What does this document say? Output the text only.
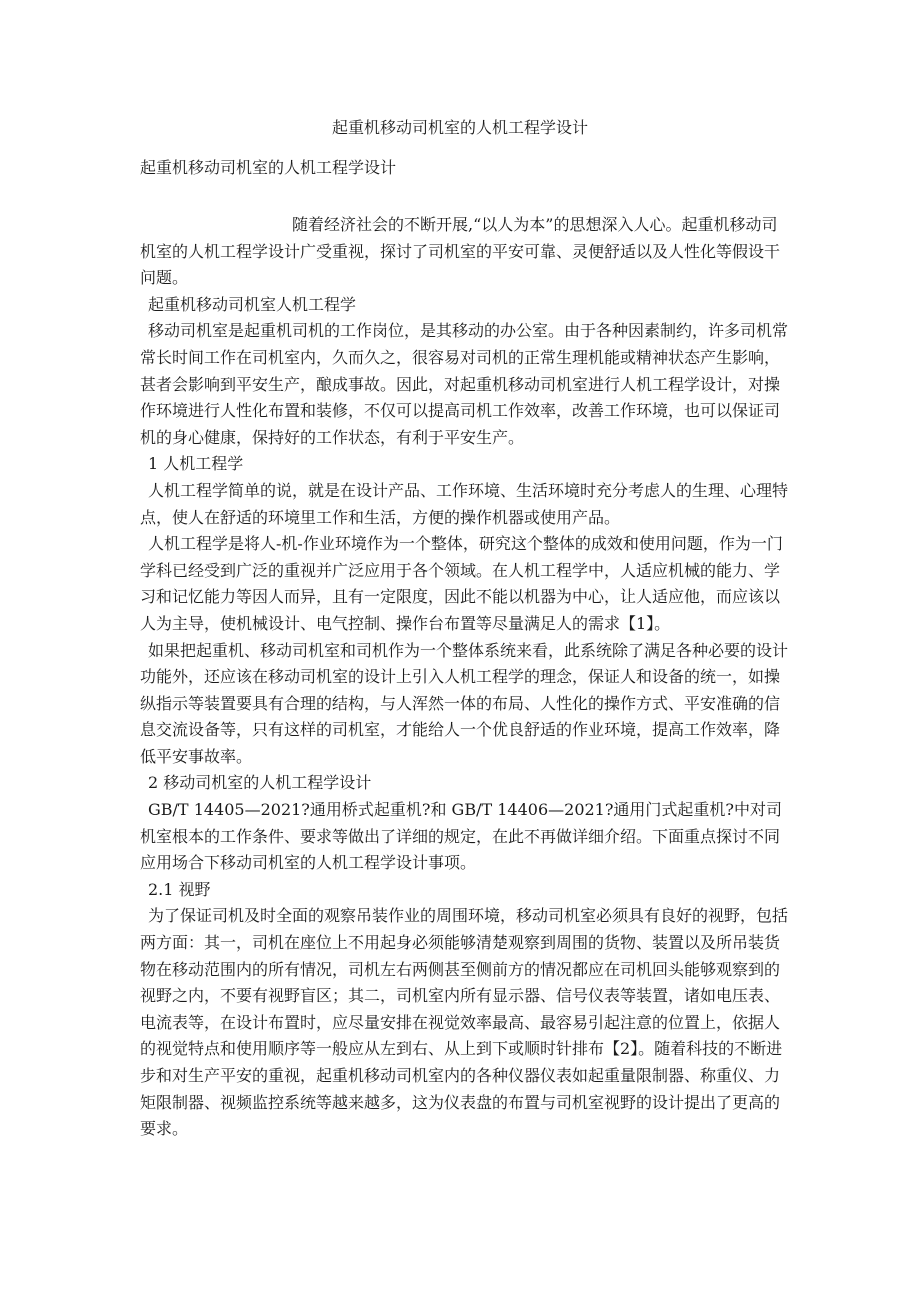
起重机移动司机室的人机工程学设计
起重机移动司机室的人机工程学设计

随着经济社会的不断开展,“以人为本”的思想深入人心。起重机移动司机室的人机工程学设计广受重视，探讨了司机室的平安可靠、灵便舒适以及人性化等假设干问题。

起重机移动司机室人机工程学

移动司机室是起重机司机的工作岗位，是其移动的办公室。由于各种因素制约，许多司机常常长时间工作在司机室内，久而久之，很容易对司机的正常生理机能或精神状态产生影响，甚者会影响到平安生产，酿成事故。因此，对起重机移动司机室进行人机工程学设计，对操作环境进行人性化布置和装修，不仅可以提高司机工作效率，改善工作环境，也可以保证司机的身心健康，保持好的工作状态，有利于平安生产。

1 人机工程学

人机工程学简单的说，就是在设计产品、工作环境、生活环境时充分考虑人的生理、心理特点，使人在舒适的环境里工作和生活，方便的操作机器或使用产品。

人机工程学是将人-机-作业环境作为一个整体，研究这个整体的成效和使用问题，作为一门学科已经受到广泛的重视并广泛应用于各个领域。在人机工程学中，人适应机械的能力、学习和记忆能力等因人而异，且有一定限度，因此不能以机器为中心，让人适应他，而应该以人为主导，使机械设计、电气控制、操作台布置等尽量满足人的需求【1】。

如果把起重机、移动司机室和司机作为一个整体系统来看，此系统除了满足各种必要的设计功能外，还应该在移动司机室的设计上引入人机工程学的理念，保证人和设备的统一，如操纵指示等装置要具有合理的结构，与人浑然一体的布局、人性化的操作方式、平安准确的信息交流设备等，只有这样的司机室，才能给人一个优良舒适的作业环境，提高工作效率，降低平安事故率。

2 移动司机室的人机工程学设计

GB/T 14405—2021?通用桥式起重机?和 GB/T 14406—2021?通用门式起重机?中对司机室根本的工作条件、要求等做出了详细的规定，在此不再做详细介绍。下面重点探讨不同应用场合下移动司机室的人机工程学设计事项。

2.1 视野

为了保证司机及时全面的观察吊装作业的周围环境，移动司机室必须具有良好的视野，包括两方面：其一，司机在座位上不用起身必须能够清楚观察到周围的货物、装置以及所吊装货物在移动范围内的所有情况，司机左右两侧甚至侧前方的情况都应在司机回头能够观察到的视野之内，不要有视野盲区；其二，司机室内所有显示器、信号仪表等装置，诸如电压表、电流表等，在设计布置时，应尽量安排在视觉效率最高、最容易引起注意的位置上，依据人的视觉特点和使用顺序等一般应从左到右、从上到下或顺时针排布【2】。随着科技的不断进步和对生产平安的重视，起重机移动司机室内的各种仪器仪表如起重量限制器、称重仪、力矩限制器、视频监控系统等越来越多，这为仪表盘的布置与司机室视野的设计提出了更高的要求。
